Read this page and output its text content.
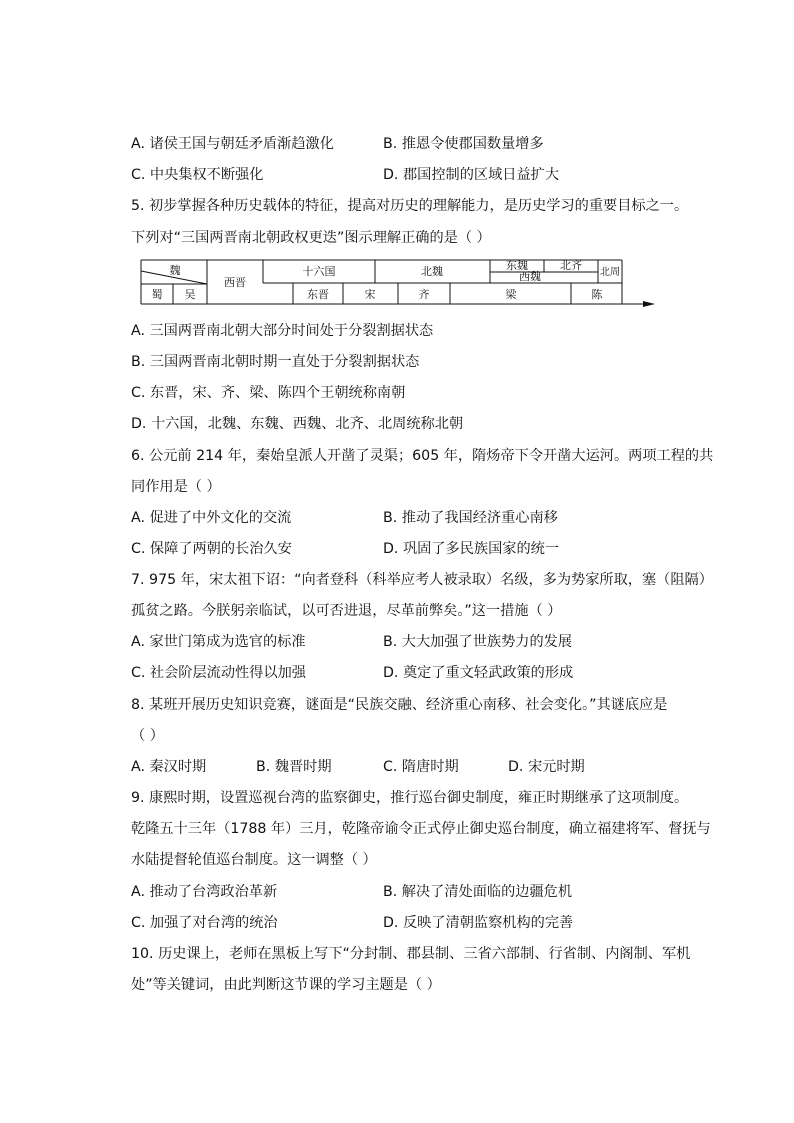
A. 诸侯王国与朝廷矛盾渐趋激化	B. 推恩令使郡国数量增多
C. 中央集权不断强化	D. 郡国控制的区域日益扩大
5. 初步掌握各种历史载体的特征，提高对历史的理解能力，是历史学习的重要目标之一。
下列对“三国两晋南北朝政权更迭”图示理解正确的是（ ）
魏
蜀 吴
西晋
十六国	北魏	东魏	北齐
西魏	北周
东晋	宋	齐	梁	陈
A. 三国两晋南北朝大部分时间处于分裂割据状态
B. 三国两晋南北朝时期一直处于分裂割据状态
C. 东晋，宋、齐、梁、陈四个王朝统称南朝
D. 十六国，北魏、东魏、西魏、北齐、北周统称北朝
6. 公元前 214 年，秦始皇派人开凿了灵渠；605 年，隋炀帝下令开凿大运河。两项工程的共
同作用是（ ）
A. 促进了中外文化的交流	B. 推动了我国经济重心南移
C. 保障了两朝的长治久安	D. 巩固了多民族国家的统一
7. 975 年，宋太祖下诏：“向者登科（科举应考人被录取）名级，多为势家所取，塞（阻隔）
孤贫之路。今朕躬亲临试，以可否进退，尽革前弊矣。”这一措施（ ）
A. 家世门第成为选官的标准	B. 大大加强了世族势力的发展
C. 社会阶层流动性得以加强	D. 奠定了重文轻武政策的形成
8. 某班开展历史知识竞赛，谜面是“民族交融、经济重心南移、社会变化。”其谜底应是
（ ）
A. 秦汉时期	B. 魏晋时期	C. 隋唐时期	D. 宋元时期
9. 康熙时期，设置巡视台湾的监察御史，推行巡台御史制度，雍正时期继承了这项制度。
乾隆五十三年（1788 年）三月，乾隆帝谕令正式停止御史巡台制度，确立福建将军、督抚与
水陆提督轮值巡台制度。这一调整（ ）
A. 推动了台湾政治革新	B. 解决了清处面临的边疆危机
C. 加强了对台湾的统治	D. 反映了清朝监察机构的完善
10. 历史课上，老师在黑板上写下“分封制、郡县制、三省六部制、行省制、内阁制、军机
处”等关键词，由此判断这节课的学习主题是（ ）
